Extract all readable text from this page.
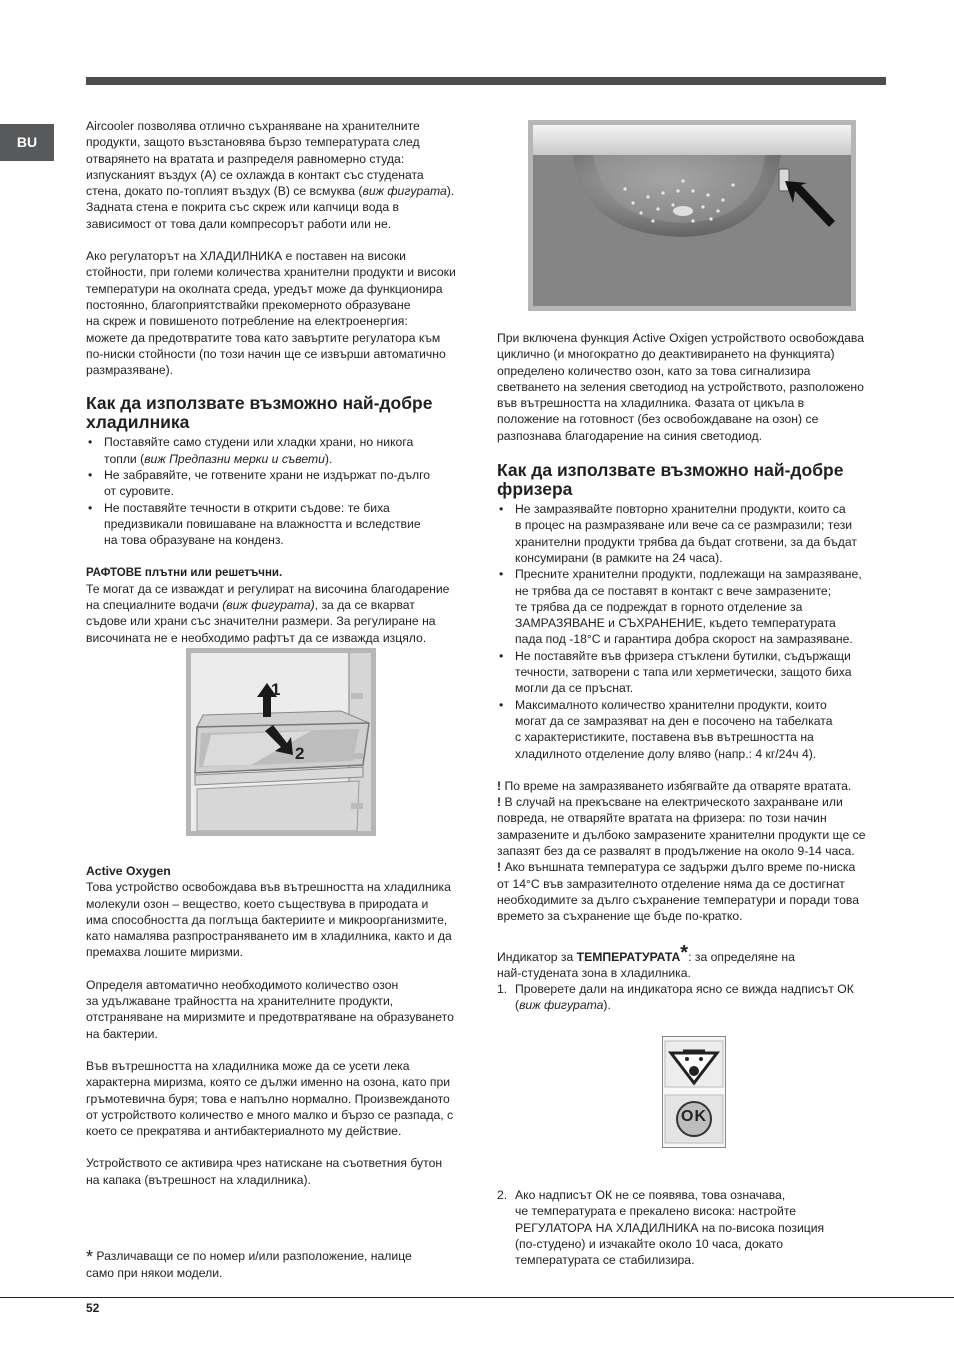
BU

Aircooler позволява отлично съхраняване на хранителните
продукти, защото възстановява бързо температурата след
отварянето на вратата и разпределя равномерно студа:
изпусканият въздух (A) се охлажда в контакт със студената
стена, докато по-топлият въздух (B) се всмуква (виж фигурата).
Задната стена е покрита със скреж или капчици вода в
зависимост от това дали компресорът работи или не.

Ако регулаторът на ХЛАДИЛНИКА е поставен на високи
стойности, при големи количества хранителни продукти и високи
температури на околната среда, уредът може да функционира
постоянно, благоприятствайки прекомерното образуване
на скреж и повишеното потребление на електроенергия:
можете да предотвратите това като завъртите регулатора към
по-ниски стойности (по този начин ще се извърши автоматично
размразяване).

Как да използвате възможно най-добре
хладилника
• Поставяйте само студени или хладки храни, но никога
топли (виж Предпазни мерки и съвети).
• Не забравяйте, че готвените храни не издържат по-дълго
от суровите.
• Не поставяйте течности в открити съдове: те биха
предизвикали повишаване на влажността и вследствие
на това образуване на конденз.

РАФТОВЕ плътни или решетъчни.

Те могат да се изваждат и регулират на височина благодарение
на специалните водачи (виж фигурата), за да се вкарват
съдове или храни със значителни размери. За регулиране на
височината не е необходимо рафтът да се изважда изцяло.

1
2

Active Oxygen

Това устройство освобождава във вътрешността на хладилника
молекули озон – вещество, което съществува в природата и
има способността да поглъща бактериите и микроорганизмите,
като намалява разпространяването им в хладилника, както и да
премахва лошите миризми.

Определя автоматично необходимото количество озон
за удължаване трайността на хранителните продукти,
отстраняване на миризмите и предотвратяване на образуването
на бактерии.

Във вътрешността на хладилника може да се усети лека
характерна миризма, която се дължи именно на озона, като при
гръмотевична буря; това е напълно нормално. Произвежданото
от устройството количество е много малко и бързо се разпада, с
което се прекратява и антибактериалното му действие.

Устройството се активира чрез натискане на съответния бутон
на капака (вътрешност на хладилника).

* Различаващи се по номер и/или разположение, налице
само при някои модели.

При включена функция Active Oxigen устройството освобождава
циклично (и многократно до деактивирането на функцията)
определено количество озон, като за това сигнализира
светването на зеления светодиод на устройството, разположено
във вътрешността на хладилника. Фазата от цикъла в
положение на готовност (без освобождаване на озон) се
разпознава благодарение на синия светодиод.

Как да използвате възможно най-добре
фризера
• Не замразявайте повторно хранителни продукти, които са
в процес на размразяване или вече са се размразили; тези
хранителни продукти трябва да бъдат сготвени, за да бъдат
консумирани (в рамките на 24 часа).
• Пресните хранителни продукти, подлежащи на замразяване,
не трябва да се поставят в контакт с вече замразените;
те трябва да се подреждат в горното отделение за
ЗАМРАЗЯВАНЕ и СЪХРАНЕНИЕ, където температурата
пада под -18°C и гарантира добра скорост на замразяване.
• Не поставяйте във фризера стъклени бутилки, съдържащи
течности, затворени с тапа или херметически, защото биха
могли да се пръснат.
• Максималното количество хранителни продукти, които
могат да се замразяват на ден е посочено на табелката
с характеристиките, поставена във вътрешността на
хладилното отделение долу вляво (напр.: 4 кг/24ч 4).

! По време на замразяването избягвайте да отваряте вратата.
! В случай на прекъсване на електрическото захранване или
повреда, не отваряйте вратата на фризера: по този начин
замразените и дълбоко замразените хранителни продукти ще се
запазят без да се развалят в продължение на около 9-14 часа.
! Ако външната температура се задържи дълго време по-ниска
от 14°C във замразителното отделение няма да се достигнат
необходимите за дълго съхранение температури и поради това
времето за съхранение ще бъде по-кратко.

Индикатор за ТЕМПЕРАТУРАТА*: за определяне на
най-студената зона в хладилника.

1. Проверете дали на индикатора ясно се вижда надписът ОК
(виж фигурата).
OK
2. Ако надписът ОК не се появява, това означава,
че температурата е прекалено висока: настройте
РЕГУЛАТОРА НА ХЛАДИЛНИКА на по-висока позиция
(по-студено) и изчакайте около 10 часа, докато
температурата се стабилизира.
52
